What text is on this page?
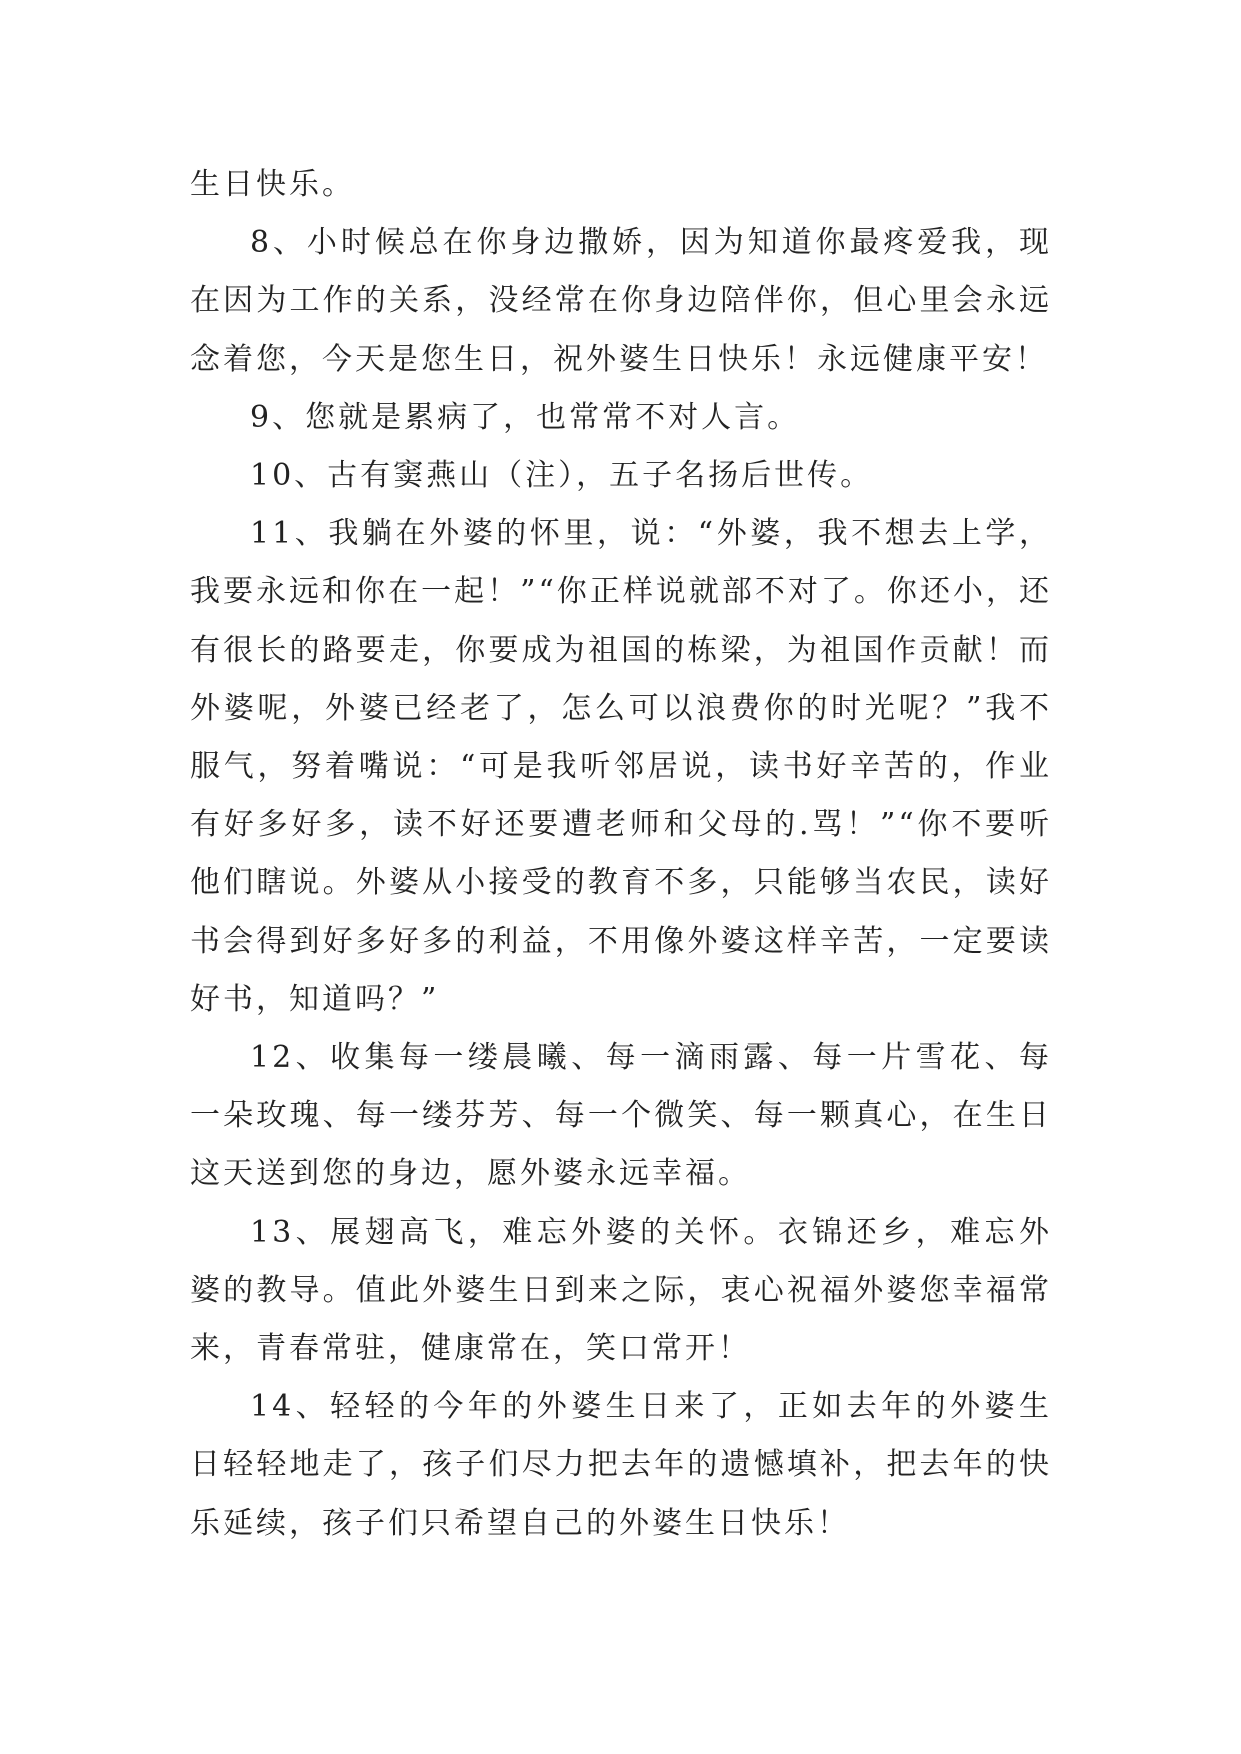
生日快乐。

8、小时候总在你身边撒娇，因为知道你最疼爱我，现在因为工作的关系，没经常在你身边陪伴你，但心里会永远念着您，今天是您生日，祝外婆生日快乐！永远健康平安！

9、您就是累病了，也常常不对人言。

10、古有窦燕山（注），五子名扬后世传。

11、我躺在外婆的怀里，说：“外婆，我不想去上学，我要永远和你在一起！”“你正样说就部不对了。你还小，还有很长的路要走，你要成为祖国的栋梁，为祖国作贡献！而外婆呢，外婆已经老了，怎么可以浪费你的时光呢？”我不服气，努着嘴说：“可是我听邻居说，读书好辛苦的，作业有好多好多，读不好还要遭老师和父母的.骂！”“你不要听他们瞎说。外婆从小接受的教育不多，只能够当农民，读好书会得到好多好多的利益，不用像外婆这样辛苦，一定要读好书，知道吗？”

12、收集每一缕晨曦、每一滴雨露、每一片雪花、每一朵玫瑰、每一缕芬芳、每一个微笑、每一颗真心，在生日这天送到您的身边，愿外婆永远幸福。

13、展翅高飞，难忘外婆的关怀。衣锦还乡，难忘外婆的教导。值此外婆生日到来之际，衷心祝福外婆您幸福常来，青春常驻，健康常在，笑口常开！

14、轻轻的今年的外婆生日来了，正如去年的外婆生日轻轻地走了，孩子们尽力把去年的遗憾填补，把去年的快乐延续，孩子们只希望自己的外婆生日快乐！
